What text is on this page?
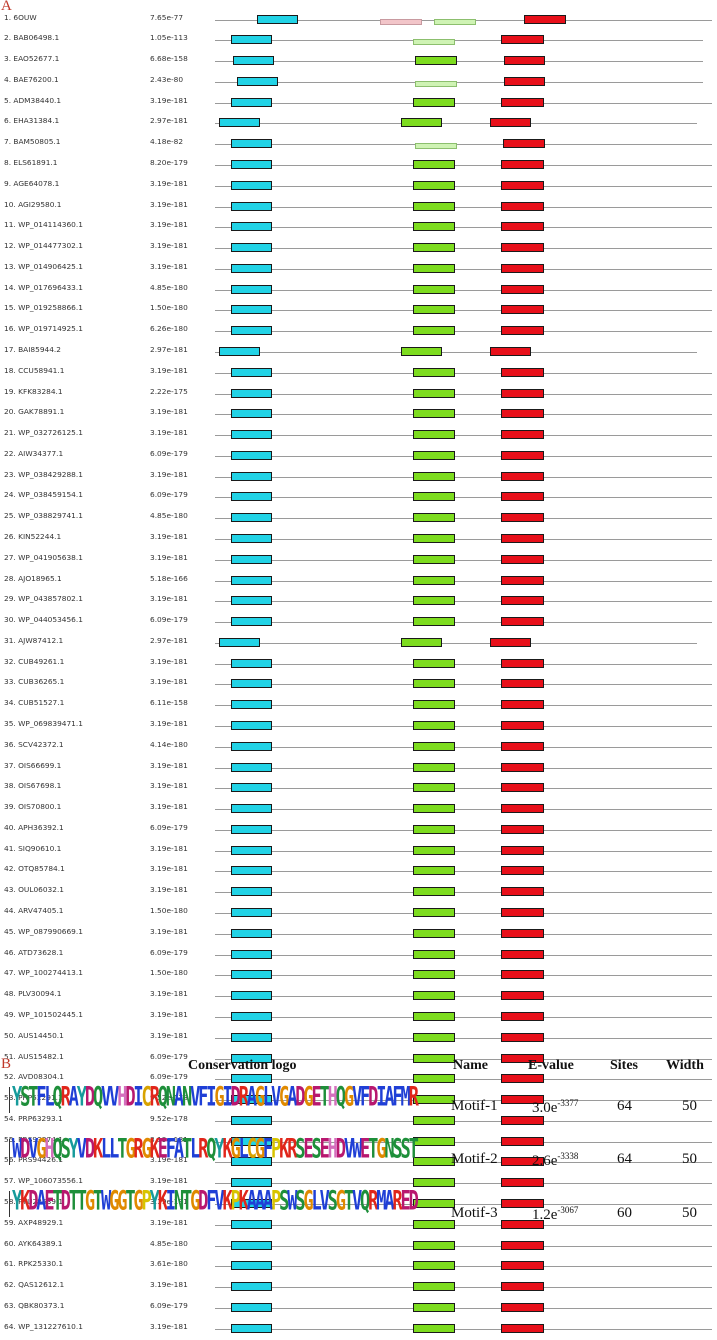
A
1. 6OUW	7.65e-77
2. BAB06498.1	1.05e-113
3. EAO52677.1	6.68e-158
4. BAE76200.1	2.43e-80
5. ADM38440.1	3.19e-181
6. EHA31384.1	2.97e-181
7. BAM50805.1	4.18e-82
8. ELS61891.1	8.20e-179
9. AGE64078.1	3.19e-181
10. AGI29580.1	3.19e-181
11. WP_014114360.1	3.19e-181
12. WP_014477302.1	3.19e-181
13. WP_014906425.1	3.19e-181
14. WP_017696433.1	4.85e-180
15. WP_019258866.1	1.50e-180
16. WP_019714925.1	6.26e-180
17. BAI85944.2	2.97e-181
18. CCU58941.1	3.19e-181
19. KFK83284.1	2.22e-175
20. GAK78891.1	3.19e-181
21. WP_032726125.1	3.19e-181
22. AIW34377.1	6.09e-179
23. WP_038429288.1	3.19e-181
24. WP_038459154.1	6.09e-179
25. WP_038829741.1	4.85e-180
26. KIN52244.1	3.19e-181
27. WP_041905638.1	3.19e-181
28. AJO18965.1	5.18e-166
29. WP_043857802.1	3.19e-181
30. WP_044053456.1	6.09e-179
31. AJW87412.1	2.97e-181
32. CUB49261.1	3.19e-181
33. CUB36265.1	3.19e-181
34. CUB51527.1	6.11e-158
35. WP_069839471.1	3.19e-181
36. SCV42372.1	4.14e-180
37. OIS66699.1	3.19e-181
38. OIS67698.1	3.19e-181
39. OIS70800.1	3.19e-181
40. APH36392.1	6.09e-179
41. SIQ90610.1	3.19e-181
42. OTQ85784.1	3.19e-181
43. OUL06032.1	3.19e-181
44. ARV47405.1	1.50e-180
45. WP_087990669.1	3.19e-181
46. ATD73628.1	6.09e-179
47. WP_100274413.1	1.50e-180
48. PLV30094.1	3.19e-181
49. WP_101502445.1	3.19e-181
50. AUS14450.1	3.19e-181
51. AUS15482.1	6.09e-179
52. AVD08304.1	6.09e-179
53. PRP52291.1	9.52e-178
54. PRP63293.1	9.52e-178
55. PRS93374.1	3.19e-181
56. PRS94426.1	3.19e-181
57. WP_106073556.1	3.19e-181
58. PTU28639.1	3.19e-181
59. AXP48929.1	3.19e-181
60. AYK64389.1	4.85e-180
61. RPK25330.1	3.61e-180
62. QAS12612.1	3.19e-181
63. QBK80373.1	6.09e-179
64. WP_131227610.1	3.19e-181
B	Conservation logo	Name	E-value	Sites Width
YSTFLQRAYDQVVHDICRQNANVFIGIDRAGLVGADGETHQGVFDIAFMR
WDVGHQSYVDKLLTGRGKEFATLRQYKGLCGFPKRSESEHDVWETGNSST
YKDAETDTTGTWGGTGPYKINTGDFVKPKAAAPSWSGLVSGTVQRMARED
Motif-1 $3.0e^{-3377}$	64	50
Motif-2 $2.6e^{-3338}$	64	50
Motif-3 $1.2e^{-3067}$	60	50
